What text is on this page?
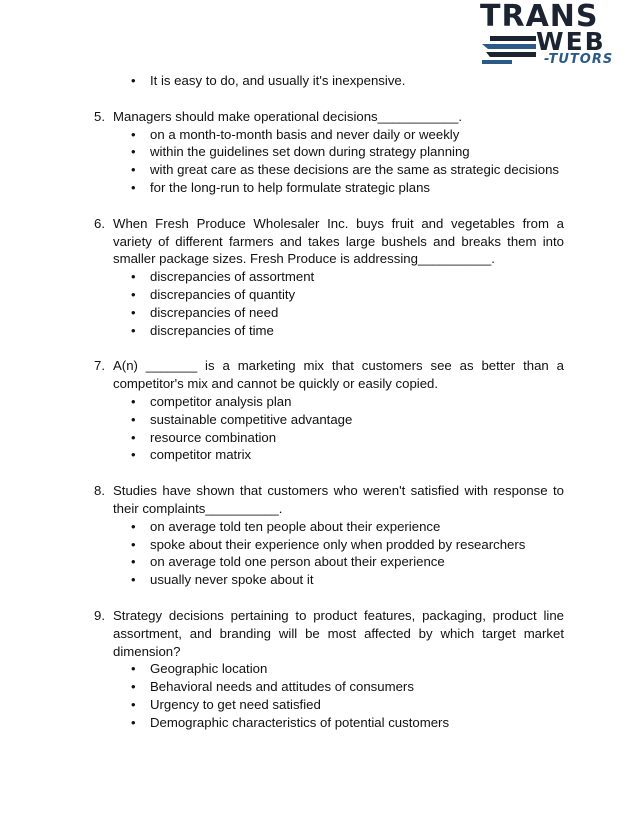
TRANS
WEB
-TUTORS
• It is easy to do, and usually it's inexpensive.
5. Managers should make operational decisions___________.
• on a month-to-month basis and never daily or weekly
• within the guidelines set down during strategy planning
• with great care as these decisions are the same as strategic decisions
• for the long-run to help formulate strategic plans
6. When Fresh Produce Wholesaler Inc. buys fruit and vegetables from a variety of different farmers and takes large bushels and breaks them into smaller package sizes. Fresh Produce is addressing__________.
• discrepancies of assortment
• discrepancies of quantity
• discrepancies of need
• discrepancies of time
7. A(n) _______ is a marketing mix that customers see as better than a competitor's mix and cannot be quickly or easily copied.
• competitor analysis plan
• sustainable competitive advantage
• resource combination
• competitor matrix
8. Studies have shown that customers who weren't satisfied with response to their complaints__________.
• on average told ten people about their experience
• spoke about their experience only when prodded by researchers
• on average told one person about their experience
• usually never spoke about it
9. Strategy decisions pertaining to product features, packaging, product line assortment, and branding will be most affected by which target market dimension?
• Geographic location
• Behavioral needs and attitudes of consumers
• Urgency to get need satisfied
• Demographic characteristics of potential customers
